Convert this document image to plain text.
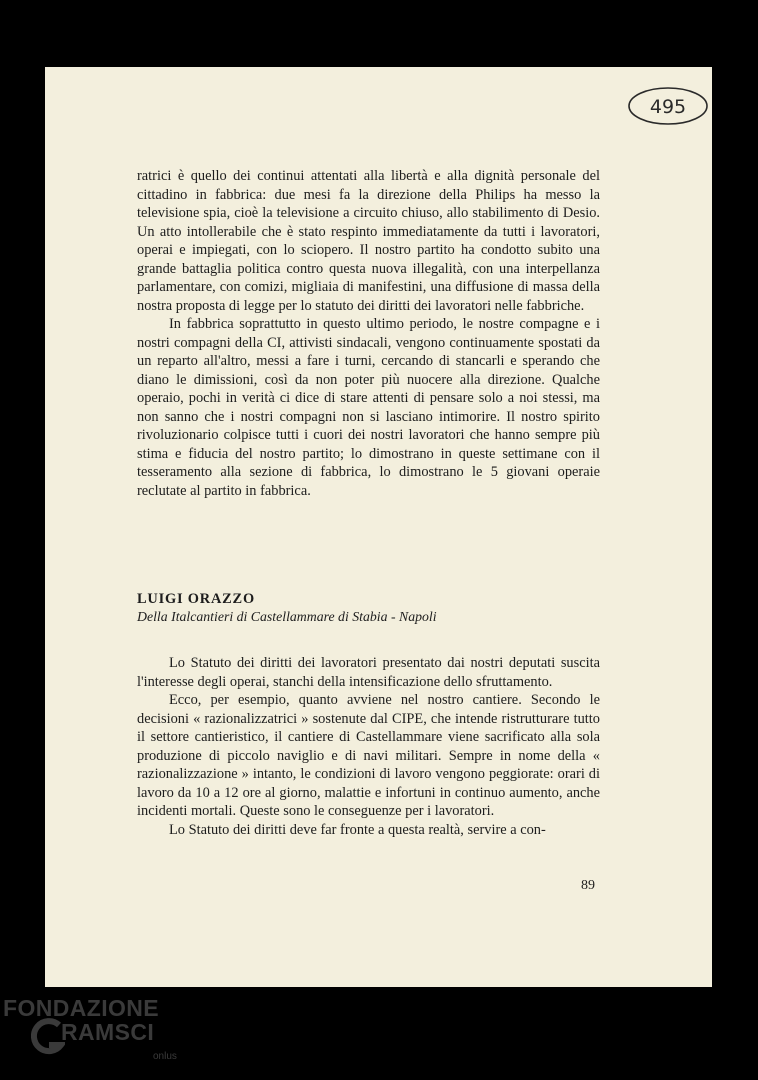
495

ratrici è quello dei continui attentati alla libertà e alla dignità personale del cittadino in fabbrica: due mesi fa la direzione della Philips ha messo la televisione spia, cioè la televisione a circuito chiuso, allo stabilimento di Desio. Un atto intollerabile che è stato respinto immediatamente da tutti i lavoratori, operai e impiegati, con lo sciopero. Il nostro partito ha condotto subito una grande battaglia politica contro questa nuova illegalità, con una interpellanza parlamentare, con comizi, migliaia di manifestini, una diffusione di massa della nostra proposta di legge per lo statuto dei diritti dei lavoratori nelle fabbriche.

In fabbrica soprattutto in questo ultimo periodo, le nostre compagne e i nostri compagni della CI, attivisti sindacali, vengono continuamente spostati da un reparto all'altro, messi a fare i turni, cercando di stancarli e sperando che diano le dimissioni, così da non poter più nuocere alla direzione. Qualche operaio, pochi in verità ci dice di stare attenti di pensare solo a noi stessi, ma non sanno che i nostri compagni non si lasciano intimorire. Il nostro spirito rivoluzionario colpisce tutti i cuori dei nostri lavoratori che hanno sempre più stima e fiducia del nostro partito; lo dimostrano in queste settimane con il tesseramento alla sezione di fabbrica, lo dimostrano le 5 giovani operaie reclutate al partito in fabbrica.

LUIGI ORAZZO
Della Italcantieri di Castellammare di Stabia - Napoli

Lo Statuto dei diritti dei lavoratori presentato dai nostri deputati suscita l'interesse degli operai, stanchi della intensificazione dello sfruttamento.

Ecco, per esempio, quanto avviene nel nostro cantiere. Secondo le decisioni « razionalizzatrici » sostenute dal CIPE, che intende ristrutturare tutto il settore cantieristico, il cantiere di Castellammare viene sacrificato alla sola produzione di piccolo naviglio e di navi militari. Sempre in nome della « razionalizzazione » intanto, le condizioni di lavoro vengono peggiorate: orari di lavoro da 10 a 12 ore al giorno, malattie e infortuni in continuo aumento, anche incidenti mortali. Queste sono le conseguenze per i lavoratori.

Lo Statuto dei diritti deve far fronte a questa realtà, servire a con-

89
FONDAZIONE
RAMSCI
onlus
